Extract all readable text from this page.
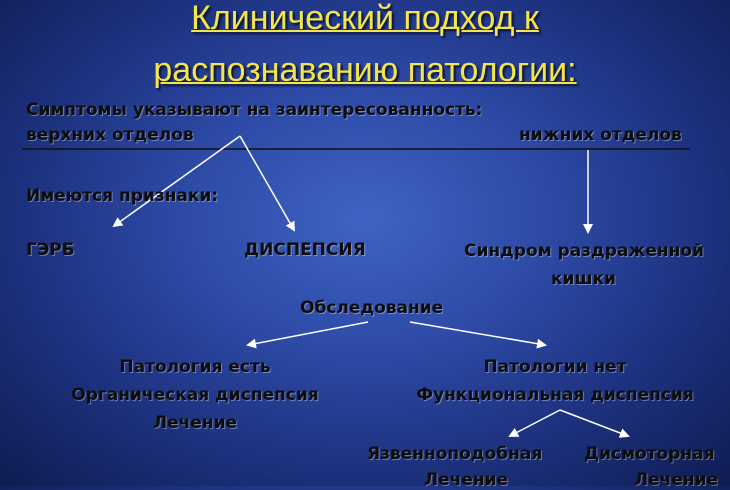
Клинический подход к
распознаванию патологии:
Симптомы указывают на заинтересованность:
верхних отделов	нижних отделов
Имеются признаки:
ГЭРБ	ДИСПЕПСИЯ	Синдром раздраженной
кишки
Обследование
Патология есть
Органическая диспепсия
Лечение
Патологии нет
Функциональная диспепсия
Язвенноподобная Дисмоторная
Лечение	Лечение
